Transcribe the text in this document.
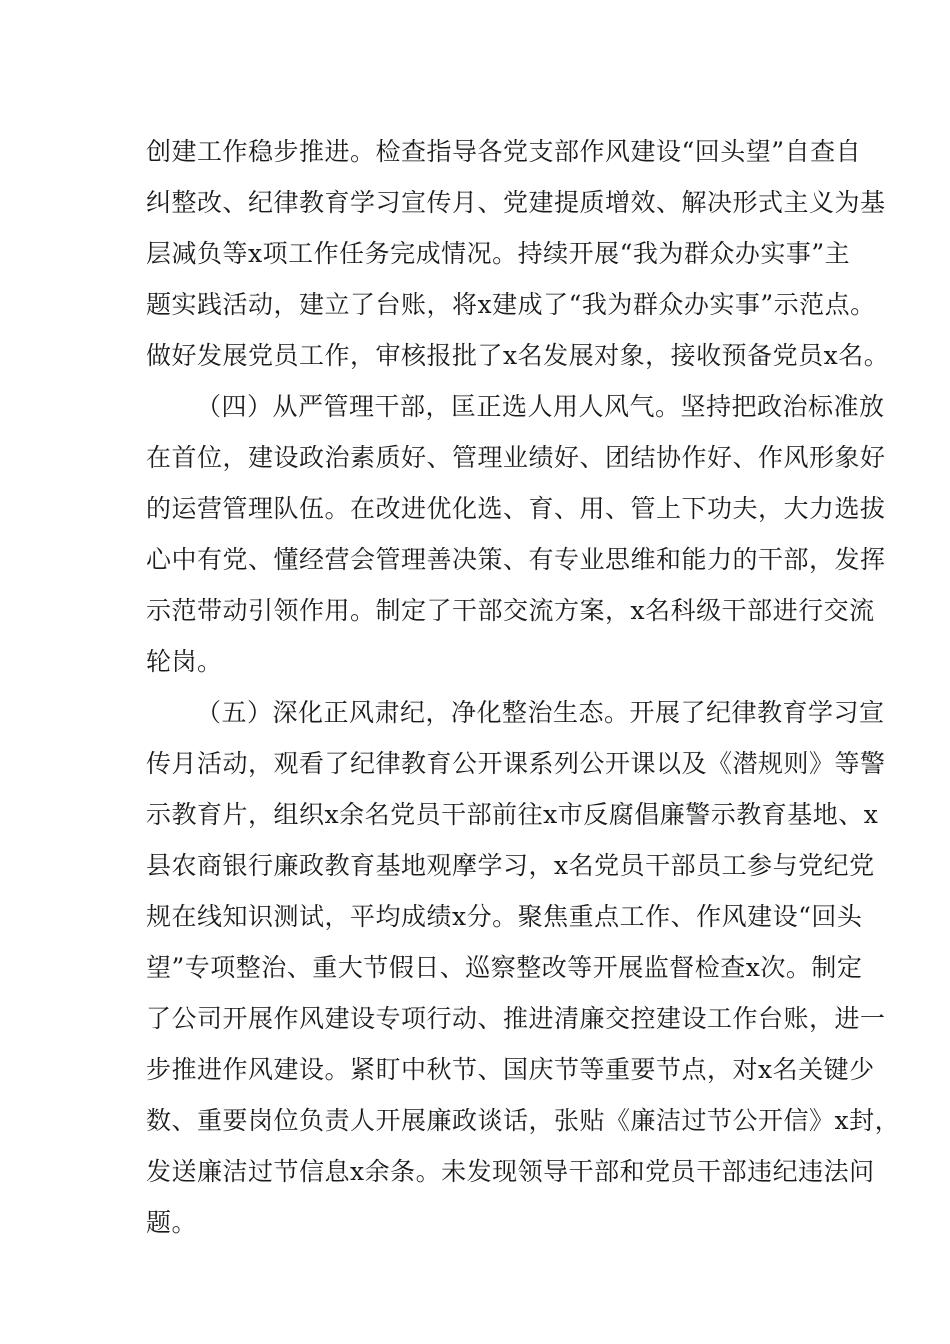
创建工作稳步推进。检查指导各党支部作风建设“回头望”自查自
纠整改、纪律教育学习宣传月、党建提质增效、解决形式主义为基
层减负等x项工作任务完成情况。持续开展“我为群众办实事”主
题实践活动，建立了台账，将x建成了“我为群众办实事”示范点。
做好发展党员工作，审核报批了x名发展对象，接收预备党员x名。
（四）从严管理干部，匡正选人用人风气。坚持把政治标准放
在首位，建设政治素质好、管理业绩好、团结协作好、作风形象好
的运营管理队伍。在改进优化选、育、用、管上下功夫，大力选拔
心中有党、懂经营会管理善决策、有专业思维和能力的干部，发挥
示范带动引领作用。制定了干部交流方案，x名科级干部进行交流
轮岗。
（五）深化正风肃纪，净化整治生态。开展了纪律教育学习宣
传月活动，观看了纪律教育公开课系列公开课以及《潜规则》等警
示教育片，组织x余名党员干部前往x市反腐倡廉警示教育基地、x
县农商银行廉政教育基地观摩学习，x名党员干部员工参与党纪党
规在线知识测试，平均成绩x分。聚焦重点工作、作风建设“回头
望”专项整治、重大节假日、巡察整改等开展监督检查x次。制定
了公司开展作风建设专项行动、推进清廉交控建设工作台账，进一
步推进作风建设。紧盯中秋节、国庆节等重要节点，对x名关键少
数、重要岗位负责人开展廉政谈话，张贴《廉洁过节公开信》x封，
发送廉洁过节信息x余条。未发现领导干部和党员干部违纪违法问
题。
